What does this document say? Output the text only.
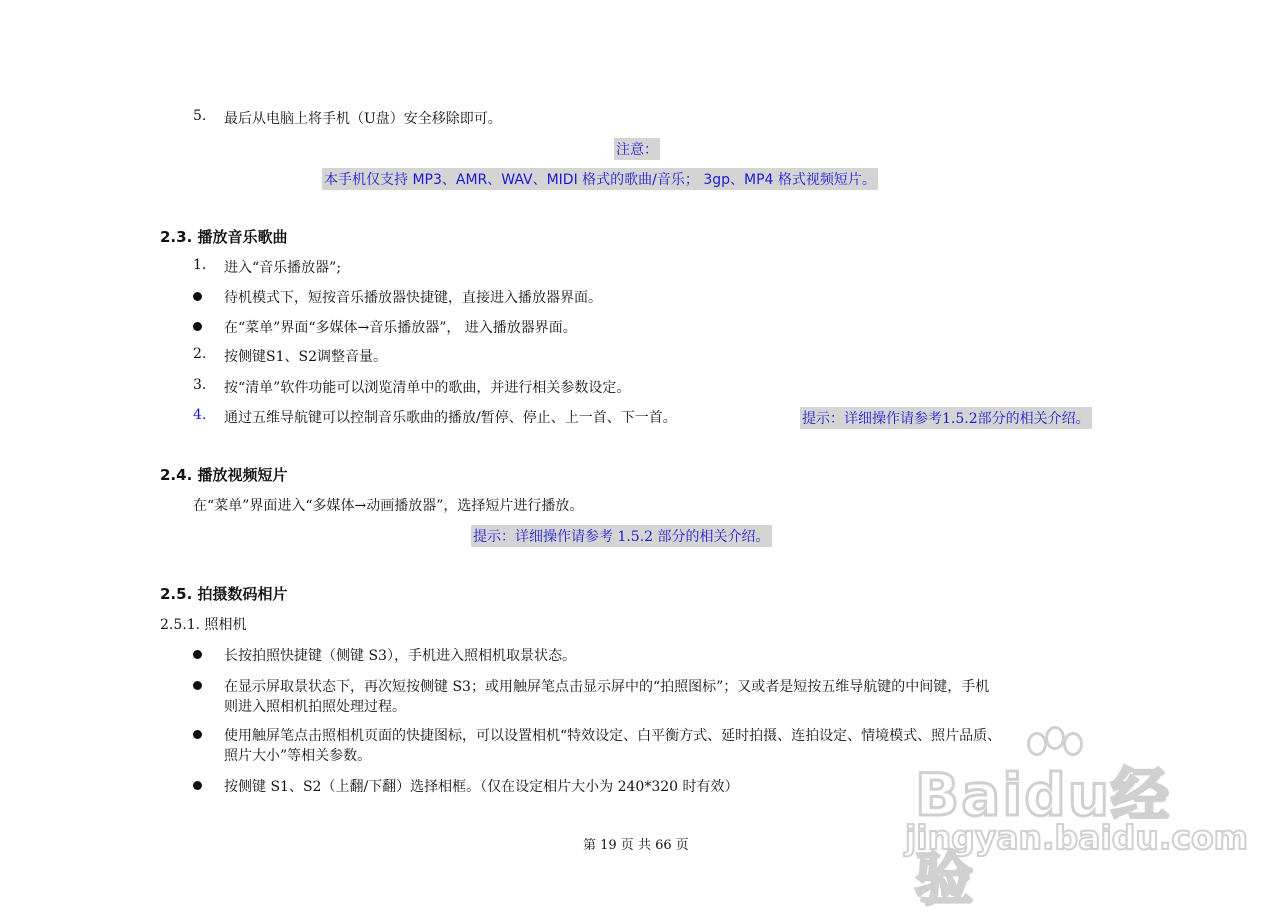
5.	最后从电脑上将手机（U盘）安全移除即可。
注意：
本手机仅支持 MP3、AMR、WAV、MIDI 格式的歌曲/音乐； 3gp、MP4 格式视频短片。
2.3. 播放音乐歌曲
1.	进入“音乐播放器”;
待机模式下，短按音乐播放器快捷键，直接进入播放器界面。
在“菜单”界面“多媒体→音乐播放器”， 进入播放器界面。
2.	按侧键S1、S2调整音量。
3.	按“清单”软件功能可以浏览清单中的歌曲，并进行相关参数设定。
4.	通过五维导航键可以控制音乐歌曲的播放/暂停、停止、上一首、下一首。	提示：详细操作请参考1.5.2部分的相关介绍。
2.4. 播放视频短片
在“菜单”界面进入“多媒体→动画播放器”，选择短片进行播放。
提示：详细操作请参考 1.5.2 部分的相关介绍。
2.5. 拍摄数码相片
2.5.1. 照相机
长按拍照快捷键（侧键 S3），手机进入照相机取景状态。
在显示屏取景状态下，再次短按侧键 S3；或用触屏笔点击显示屏中的“拍照图标”；又或者是短按五维导航键的中间键，手机
则进入照相机拍照处理过程。
使用触屏笔点击照相机页面的快捷图标，可以设置相机“特效设定、白平衡方式、延时拍摄、连拍设定、情境模式、照片品质、
照片大小”等相关参数。
按侧键 S1、S2（上翻/下翻）选择相框。（仅在设定相片大小为 240*320 时有效）
第 19 页 共 66 页
Baidu经验
jingyan.baidu.com
